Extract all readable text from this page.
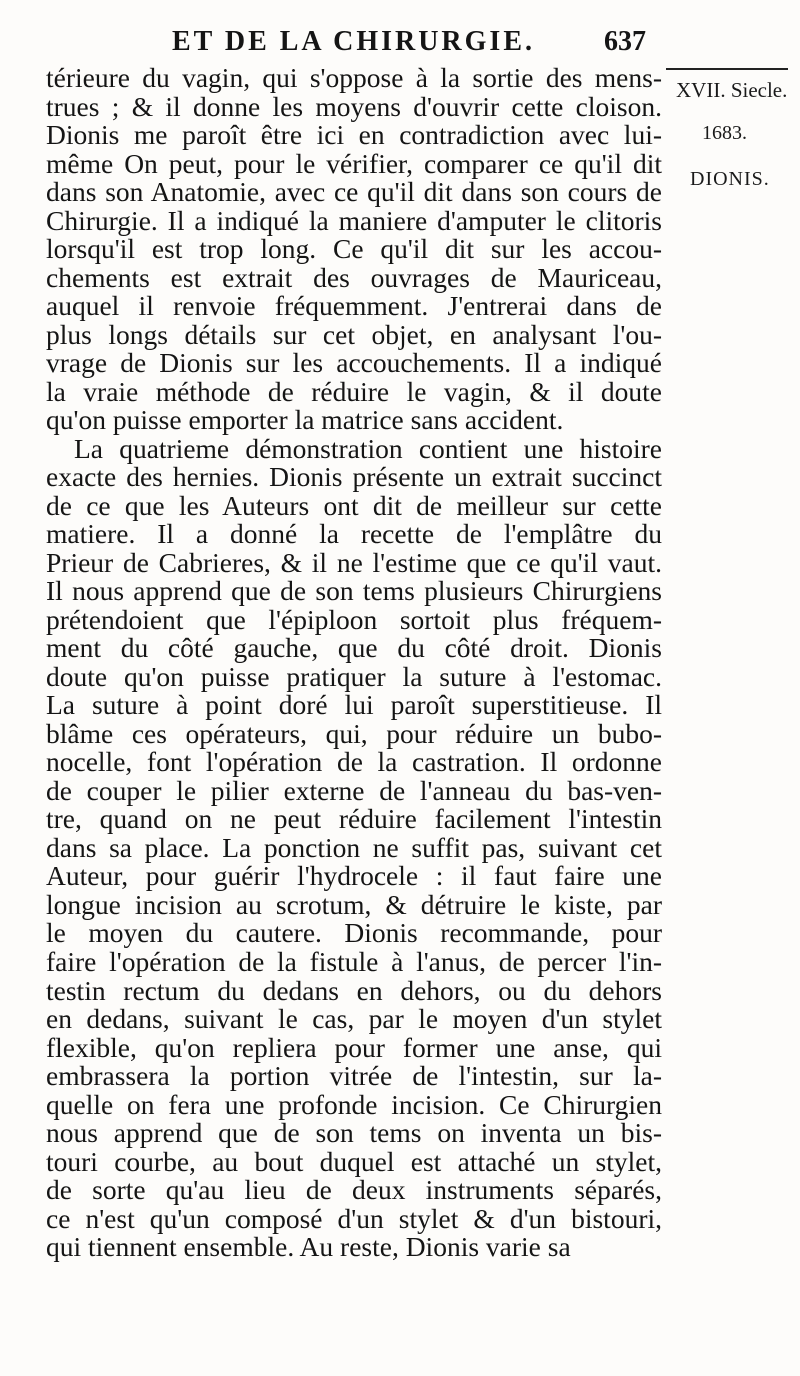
ET DE LA CHIRURGIE. 637
XVII. Siecle.
1683.
DIONIS.
térieure du vagin, qui s'oppose à la sortie des mens-
trues ; & il donne les moyens d'ouvrir cette cloison.
Dionis me paroît être ici en contradiction avec lui-
même On peut, pour le vérifier, comparer ce qu'il dit
dans son Anatomie, avec ce qu'il dit dans son cours de
Chirurgie. Il a indiqué la maniere d'amputer le clitoris
lorsqu'il est trop long. Ce qu'il dit sur les accou-
chements est extrait des ouvrages de Mauriceau,
auquel il renvoie fréquemment. J'entrerai dans de
plus longs détails sur cet objet, en analysant l'ou-
vrage de Dionis sur les accouchements. Il a indiqué
la vraie méthode de réduire le vagin, & il doute
qu'on puisse emporter la matrice sans accident.
La quatrieme démonstration contient une histoire
exacte des hernies. Dionis présente un extrait succinct
de ce que les Auteurs ont dit de meilleur sur cette
matiere. Il a donné la recette de l'emplâtre du
Prieur de Cabrieres, & il ne l'estime que ce qu'il vaut.
Il nous apprend que de son tems plusieurs Chirurgiens
prétendoient que l'épiploon sortoit plus fréquem-
ment du côté gauche, que du côté droit. Dionis
doute qu'on puisse pratiquer la suture à l'estomac.
La suture à point doré lui paroît superstitieuse. Il
blâme ces opérateurs, qui, pour réduire un bubo-
nocelle, font l'opération de la castration. Il ordonne
de couper le pilier externe de l'anneau du bas-ven-
tre, quand on ne peut réduire facilement l'intestin
dans sa place. La ponction ne suffit pas, suivant cet
Auteur, pour guérir l'hydrocele : il faut faire une
longue incision au scrotum, & détruire le kiste, par
le moyen du cautere. Dionis recommande, pour
faire l'opération de la fistule à l'anus, de percer l'in-
testin rectum du dedans en dehors, ou du dehors
en dedans, suivant le cas, par le moyen d'un stylet
flexible, qu'on repliera pour former une anse, qui
embrassera la portion vitrée de l'intestin, sur la-
quelle on fera une profonde incision. Ce Chirurgien
nous apprend que de son tems on inventa un bis-
touri courbe, au bout duquel est attaché un stylet,
de sorte qu'au lieu de deux instruments séparés,
ce n'est qu'un composé d'un stylet & d'un bistouri,
qui tiennent ensemble. Au reste, Dionis varie sa
